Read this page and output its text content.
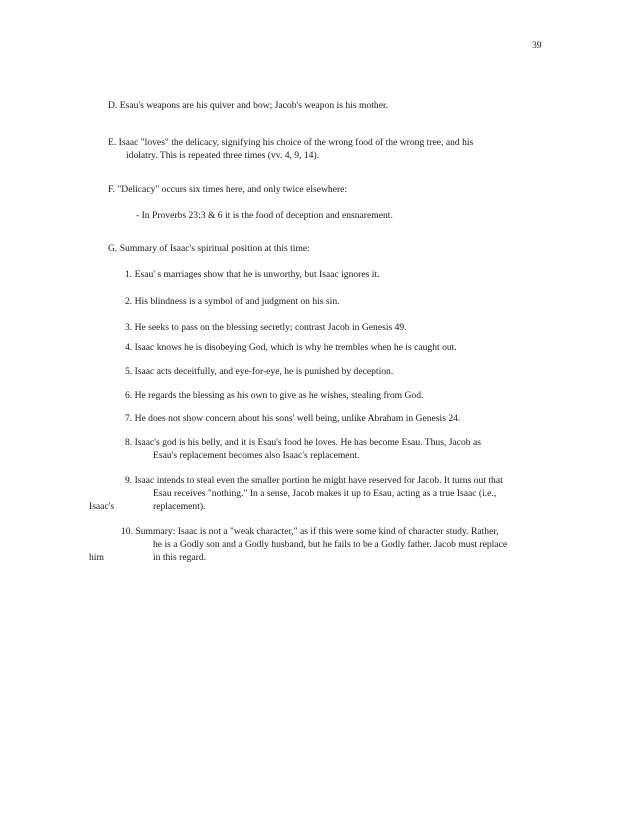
39
D. Esau's weapons are his quiver and bow; Jacob's weapon is his mother.
E. Isaac "loves" the delicacy, signifying his choice of the wrong food of the wrong tree, and his
idolatry. This is repeated three times (vv. 4, 9, 14).
F. "Delicacy" occurs six times here, and only twice elsewhere:
- In Proverbs 23:3 & 6 it is the food of deception and ensnarement.
G. Summary of Isaac's spiritual position at this time:
1. Esau' s marriages show that he is unworthy, but Isaac ignores it.
2. His blindness is a symbol of and judgment on his sin.
3. He seeks to pass on the blessing secretly; contrast Jacob in Genesis 49.
4. Isaac knows he is disobeying God, which is why he trembles when he is caught out.
5. Isaac acts deceitfully, and eye-for-eye, he is punished by deception.
6. He regards the blessing as his own to give as he wishes, stealing from God.
7. He does not show concern about his sons' well being, unlike Abraham in Genesis 24.
8. Isaac's god is his belly, and it is Esau's food he loves. He has become Esau. Thus, Jacob as
Esau's replacement becomes also Isaac's replacement.
9. Isaac intends to steal even the smaller portion he might have reserved for Jacob. It turns out that
Esau receives "nothing." In a sense, Jacob makes it up to Esau, acting as a true Isaac (i.e.,
Isaac's	replacement).
10. Summary: Isaac is not a "weak character," as if this were some kind of character study. Rather,
he is a Godly son and a Godly husband, but he fails to be a Godly father. Jacob must replace
him	in this regard.
